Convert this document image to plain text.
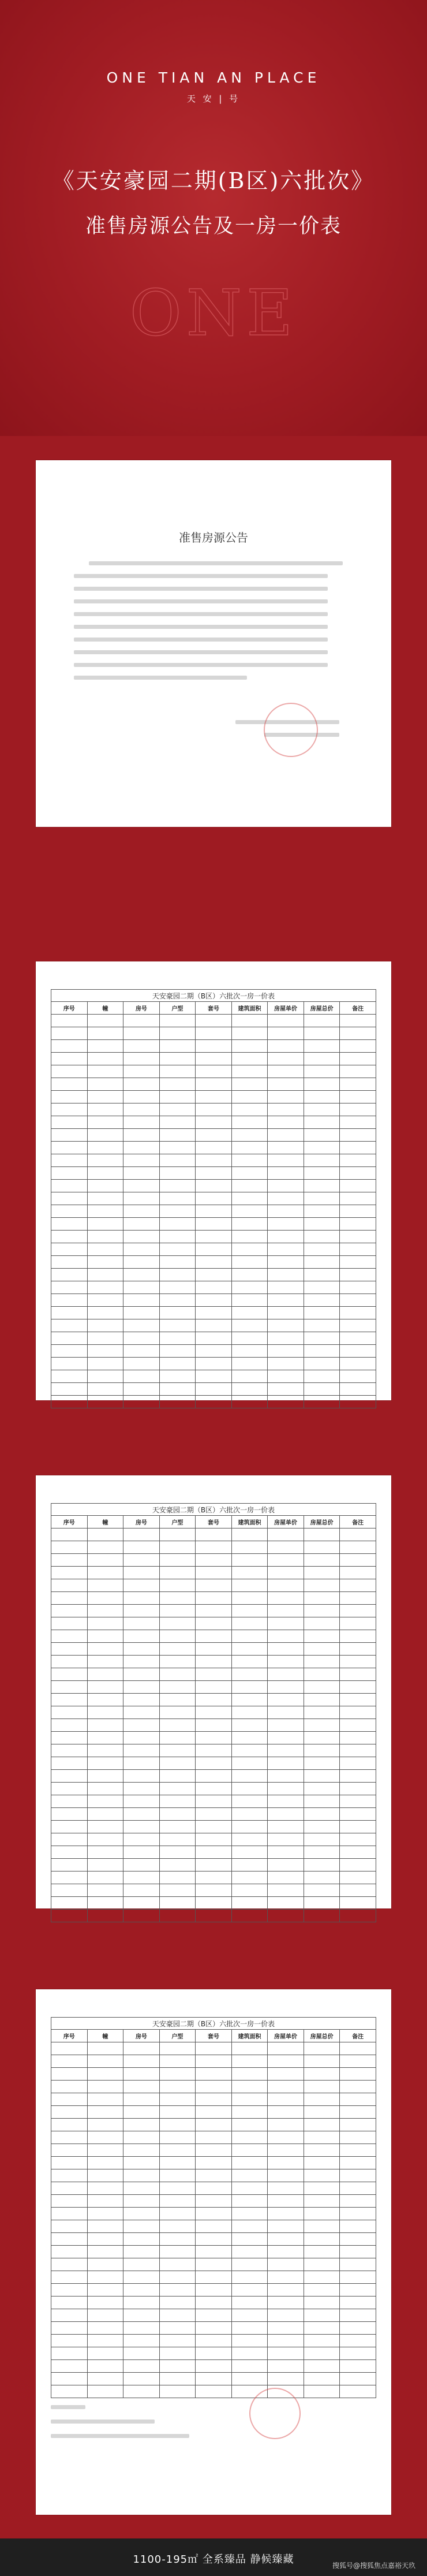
ONE TIAN AN PLACE
天 安 | 号
《天安豪园二期(B区)六批次》
准售房源公告及一房一价表
ONE
准售房源公告
天安豪园二期（B区）六批次一房一价表
序号	幢	房号	户型	套号	建筑面积	房屋单价	房屋总价	备注

天安豪园二期（B区）六批次一房一价表
序号	幢	房号	户型	套号	建筑面积	房屋单价	房屋总价	备注

天安豪园二期（B区）六批次一房一价表
序号	幢	房号	户型	套号	建筑面积	房屋单价	房屋总价	备注

1100-195㎡ 全系臻品 静候臻藏	搜狐号@搜狐焦点嘉裕天玖
